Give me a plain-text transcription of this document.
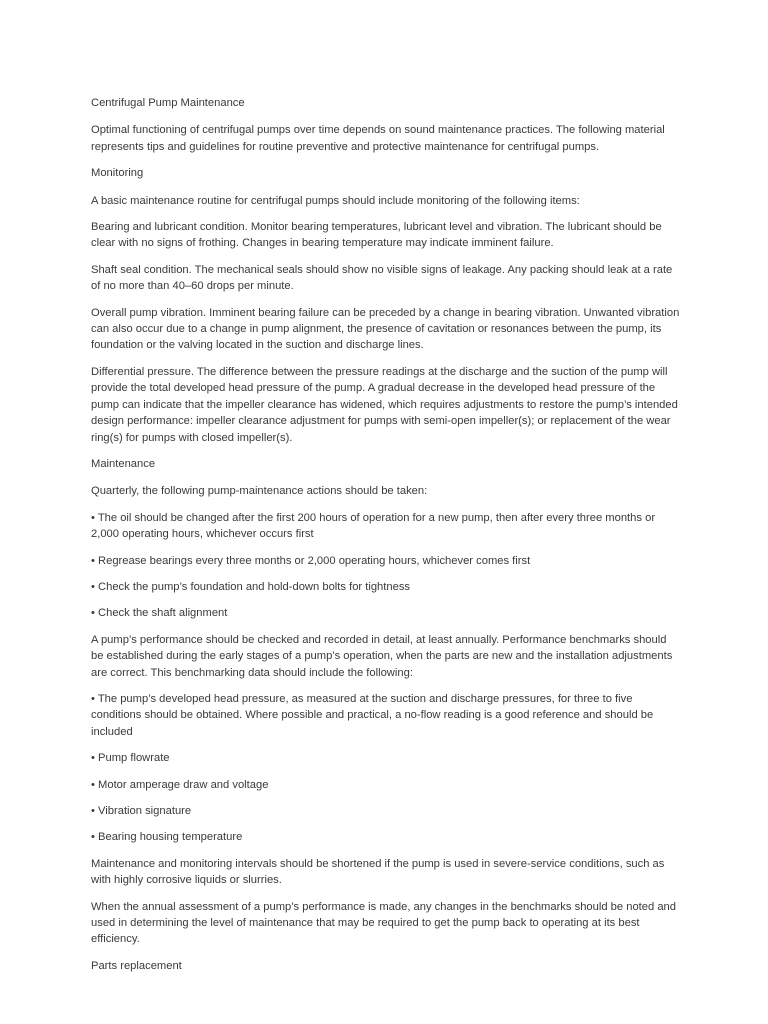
Centrifugal Pump Maintenance

Optimal functioning of centrifugal pumps over time depends on sound maintenance practices. The following material represents tips and guidelines for routine preventive and protective maintenance for centrifugal pumps.

Monitoring

A basic maintenance routine for centrifugal pumps should include monitoring of the following items:

Bearing and lubricant condition. Monitor bearing temperatures, lubricant level and vibration. The lubricant should be clear with no signs of frothing. Changes in bearing temperature may indicate imminent failure.

Shaft seal condition. The mechanical seals should show no visible signs of leakage. Any packing should leak at a rate of no more than 40–60 drops per minute.

Overall pump vibration. Imminent bearing failure can be preceded by a change in bearing vibration. Unwanted vibration can also occur due to a change in pump alignment, the presence of cavitation or resonances between the pump, its foundation or the valving located in the suction and discharge lines.

Differential pressure. The difference between the pressure readings at the discharge and the suction of the pump will provide the total developed head pressure of the pump. A gradual decrease in the developed head pressure of the pump can indicate that the impeller clearance has widened, which requires adjustments to restore the pump’s intended design performance: impeller clearance adjustment for pumps with semi-open impeller(s); or replacement of the wear ring(s) for pumps with closed impeller(s).

Maintenance

Quarterly, the following pump-maintenance actions should be taken:

• The oil should be changed after the first 200 hours of operation for a new pump, then after every three months or 2,000 operating hours, whichever occurs first

• Regrease bearings every three months or 2,000 operating hours, whichever comes first

• Check the pump’s foundation and hold-down bolts for tightness

• Check the shaft alignment

A pump’s performance should be checked and recorded in detail, at least annually. Performance benchmarks should be established during the early stages of a pump’s operation, when the parts are new and the installation adjustments are correct. This benchmarking data should include the following:

• The pump’s developed head pressure, as measured at the suction and discharge pressures, for three to five conditions should be obtained. Where possible and practical, a no-flow reading is a good reference and should be included

• Pump flowrate

• Motor amperage draw and voltage

• Vibration signature

• Bearing housing temperature

Maintenance and monitoring intervals should be shortened if the pump is used in severe-service conditions, such as with highly corrosive liquids or slurries.

When the annual assessment of a pump’s performance is made, any changes in the benchmarks should be noted and used in determining the level of maintenance that may be required to get the pump back to operating at its best efficiency.

Parts replacement
